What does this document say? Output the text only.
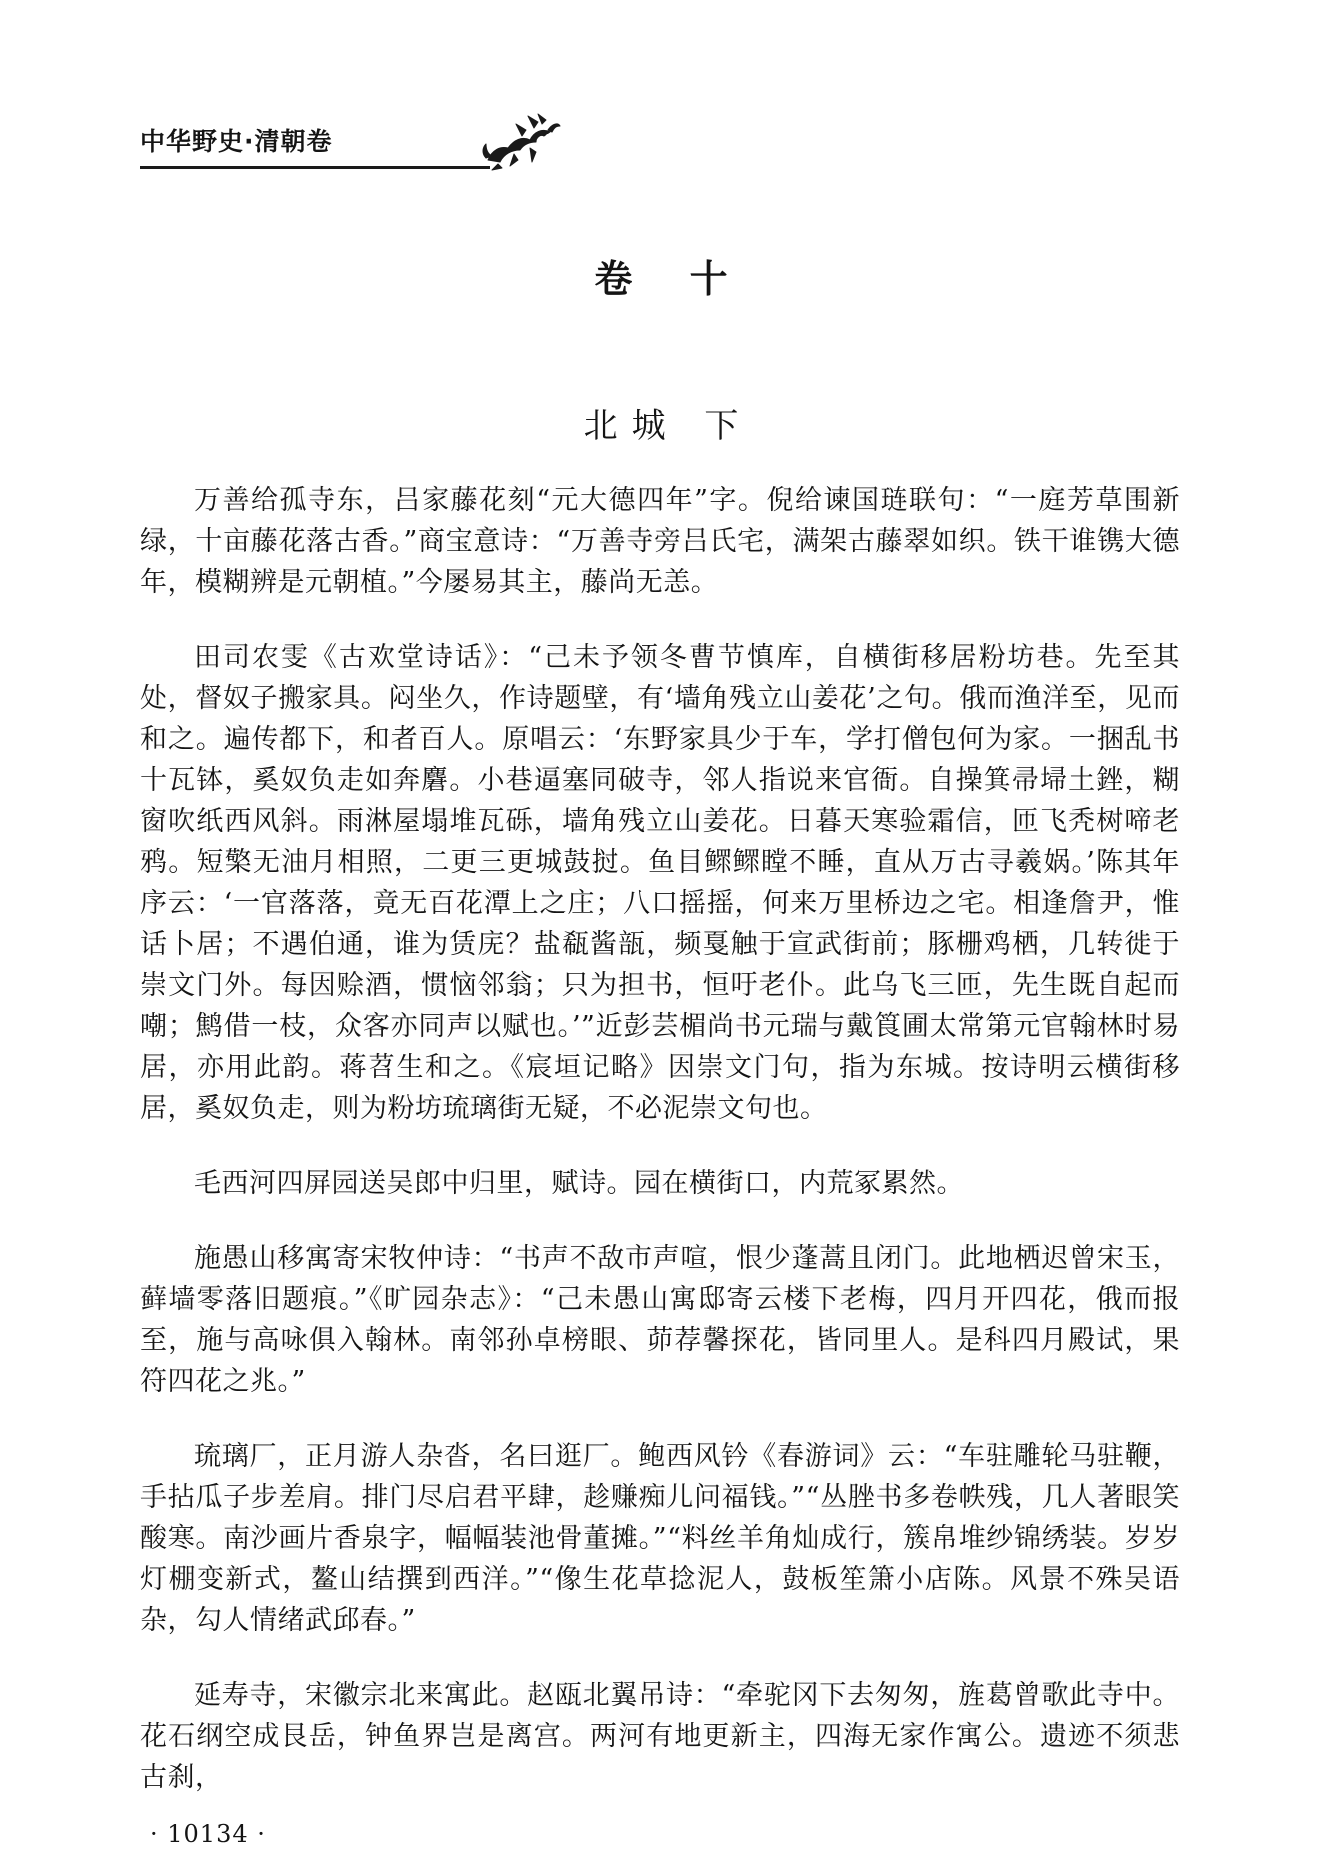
中华野史·清朝卷
卷 十
北城 下

万善给孤寺东，吕家藤花刻“元大德四年”字。倪给谏国琏联句：“一庭芳草围新绿，十亩藤花落古香。”商宝意诗：“万善寺旁吕氏宅，满架古藤翠如织。铁干谁镌大德年，模糊辨是元朝植。”今屡易其主，藤尚无恙。

田司农雯《古欢堂诗话》：“己未予领冬曹节慎库，自横街移居粉坊巷。先至其处，督奴子搬家具。闷坐久，作诗题壁，有‘墙角残立山姜花’之句。俄而渔洋至，见而和之。遍传都下，和者百人。原唱云：‘东野家具少于车，学打僧包何为家。一捆乱书十瓦钵，奚奴负走如奔麏。小巷逼塞同破寺，邻人指说来官衙。自操箕帚埽土銼，糊窗吹纸西风斜。雨淋屋塌堆瓦砾，墙角残立山姜花。日暮天寒验霜信，匝飞秃树啼老鸦。短檠无油月相照，二更三更城鼓挝。鱼目鳏鳏瞠不睡，直从万古寻羲娲。’陈其年序云：‘一官落落，竟无百花潭上之庄；八口摇摇，何来万里桥边之宅。相逢詹尹，惟话卜居；不遇伯通，谁为赁庑？盐瓻酱瓿，频戛触于宣武街前；豚栅鸡栖，几转徙于崇文门外。每因赊酒，惯恼邻翁；只为担书，恒吁老仆。此乌飞三匝，先生既自起而嘲；鹪借一枝，众客亦同声以赋也。’”近彭芸楣尚书元瑞与戴筤圃太常第元官翰林时易居，亦用此韵。蒋苕生和之。《宸垣记略》因崇文门句，指为东城。按诗明云横街移居，奚奴负走，则为粉坊琉璃街无疑，不必泥崇文句也。

毛西河四屏园送吴郎中归里，赋诗。园在横街口，内荒冢累然。

施愚山移寓寄宋牧仲诗：“书声不敌市声喧，恨少蓬蒿且闭门。此地栖迟曾宋玉，藓墙零落旧题痕。”《旷园杂志》：“己未愚山寓邸寄云楼下老梅，四月开四花，俄而报至，施与高咏俱入翰林。南邻孙卓榜眼、茆荐馨探花，皆同里人。是科四月殿试，果符四花之兆。”

琉璃厂，正月游人杂沓，名曰逛厂。鲍西风钤《春游词》云：“车驻雕轮马驻鞭，手拈瓜子步差肩。排门尽启君平肆，趁赚痴儿问福钱。”“丛脞书多卷帙残，几人著眼笑酸寒。南沙画片香泉字，幅幅装池骨董摊。”“料丝羊角灿成行，簇帛堆纱锦绣装。岁岁灯棚变新式，鳌山结撰到西洋。”“像生花草捻泥人，鼓板笙箫小店陈。风景不殊吴语杂，勾人情绪武邱春。”

延寿寺，宋徽宗北来寓此。赵瓯北翼吊诗：“牵驼冈下去匆匆，旌葛曾歌此寺中。花石纲空成艮岳，钟鱼界岂是离宫。两河有地更新主，四海无家作寓公。遗迹不须悲古刹，

· 10134 ·
